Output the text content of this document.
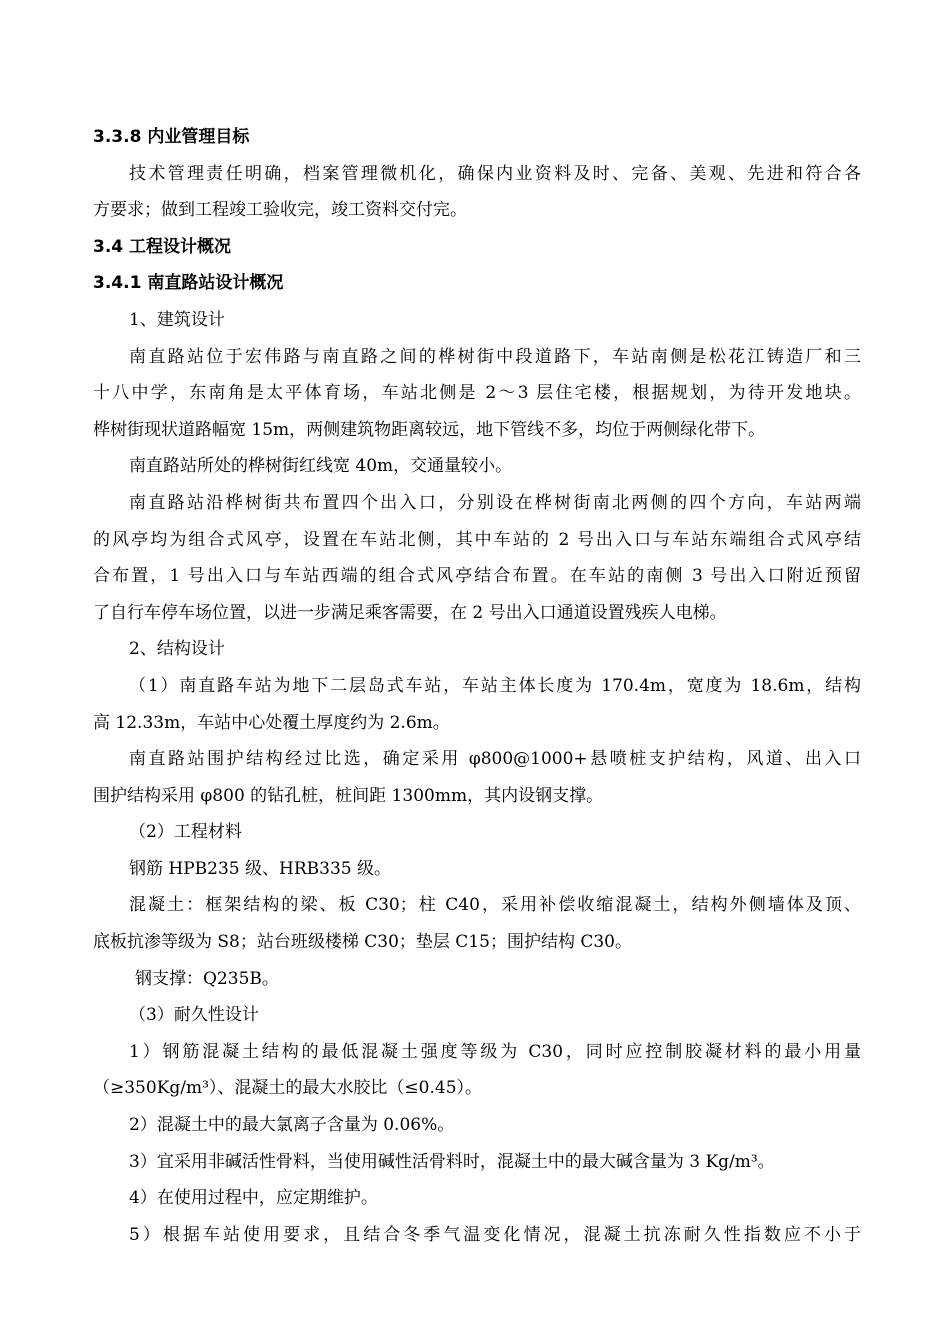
3.3.8 内业管理目标
技术管理责任明确，档案管理微机化，确保内业资料及时、完备、美观、先进和符合各
方要求；做到工程竣工验收完，竣工资料交付完。
3.4 工程设计概况
3.4.1 南直路站设计概况
1、建筑设计
南直路站位于宏伟路与南直路之间的桦树街中段道路下，车站南侧是松花江铸造厂和三
十八中学，东南角是太平体育场，车站北侧是 2～3 层住宅楼，根据规划，为待开发地块。
桦树街现状道路幅宽 15m，两侧建筑物距离较远，地下管线不多，均位于两侧绿化带下。
南直路站所处的桦树街红线宽 40m，交通量较小。
南直路站沿桦树街共布置四个出入口，分别设在桦树街南北两侧的四个方向，车站两端
的风亭均为组合式风亭，设置在车站北侧，其中车站的 2 号出入口与车站东端组合式风亭结
合布置，1 号出入口与车站西端的组合式风亭结合布置。在车站的南侧 3 号出入口附近预留
了自行车停车场位置，以进一步满足乘客需要，在 2 号出入口通道设置残疾人电梯。
2、结构设计
（1）南直路车站为地下二层岛式车站，车站主体长度为 170.4m，宽度为 18.6m，结构
高 12.33m，车站中心处覆土厚度约为 2.6m。
南直路站围护结构经过比选，确定采用 φ800@1000+悬喷桩支护结构，风道、出入口
围护结构采用 φ800 的钻孔桩，桩间距 1300mm，其内设钢支撑。
（2）工程材料
钢筋 HPB235 级、HRB335 级。
混凝土：框架结构的梁、板 C30；柱 C40，采用补偿收缩混凝土，结构外侧墙体及顶、
底板抗渗等级为 S8；站台班级楼梯 C30；垫层 C15；围护结构 C30。
钢支撑：Q235B。
（3）耐久性设计
1）钢筋混凝土结构的最低混凝土强度等级为 C30，同时应控制胶凝材料的最小用量
（≥350Kg/m³）、混凝土的最大水胶比（≤0.45）。
2）混凝土中的最大氯离子含量为 0.06%。
3）宜采用非碱活性骨料，当使用碱性活骨料时，混凝土中的最大碱含量为 3 Kg/m³。
4）在使用过程中，应定期维护。
5）根据车站使用要求，且结合冬季气温变化情况，混凝土抗冻耐久性指数应不小于
